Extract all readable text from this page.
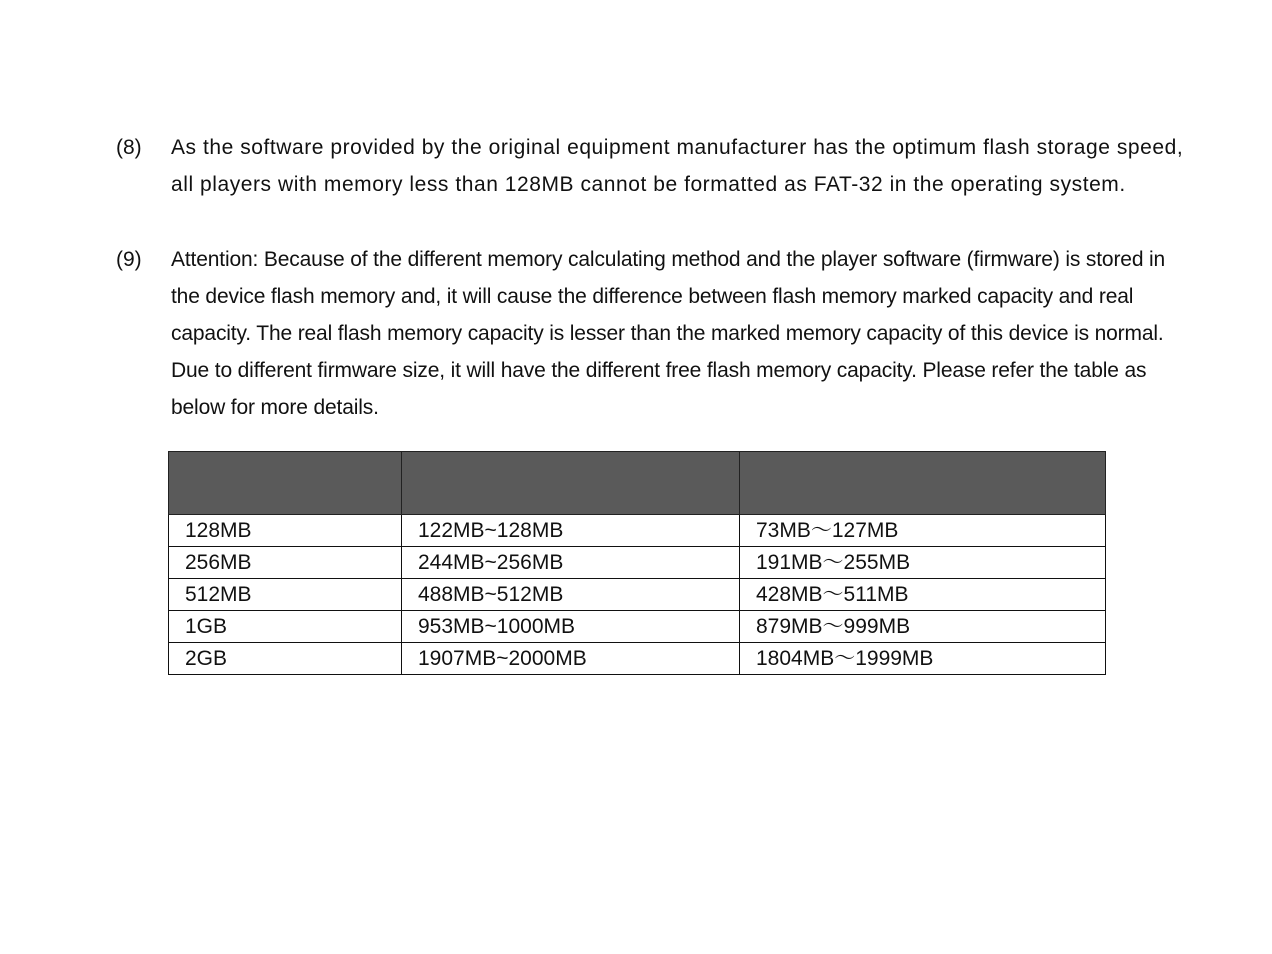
(8) As the software provided by the original equipment manufacturer has the optimum flash storage speed, all players with memory less than 128MB cannot be formatted as FAT-32 in the operating system.
(9) Attention: Because of the different memory calculating method and the player software (firmware) is stored in the device flash memory and, it will cause the difference between flash memory marked capacity and real capacity. The real flash memory capacity is lesser than the marked memory capacity of this device is normal. Due to different firmware size, it will have the different free flash memory capacity. Please refer the table as below for more details.

128MB	122MB~128MB	73MB～127MB
256MB	244MB~256MB	191MB～255MB
512MB	488MB~512MB	428MB～511MB
1GB	953MB~1000MB	879MB～999MB
2GB	1907MB~2000MB	1804MB～1999MB
